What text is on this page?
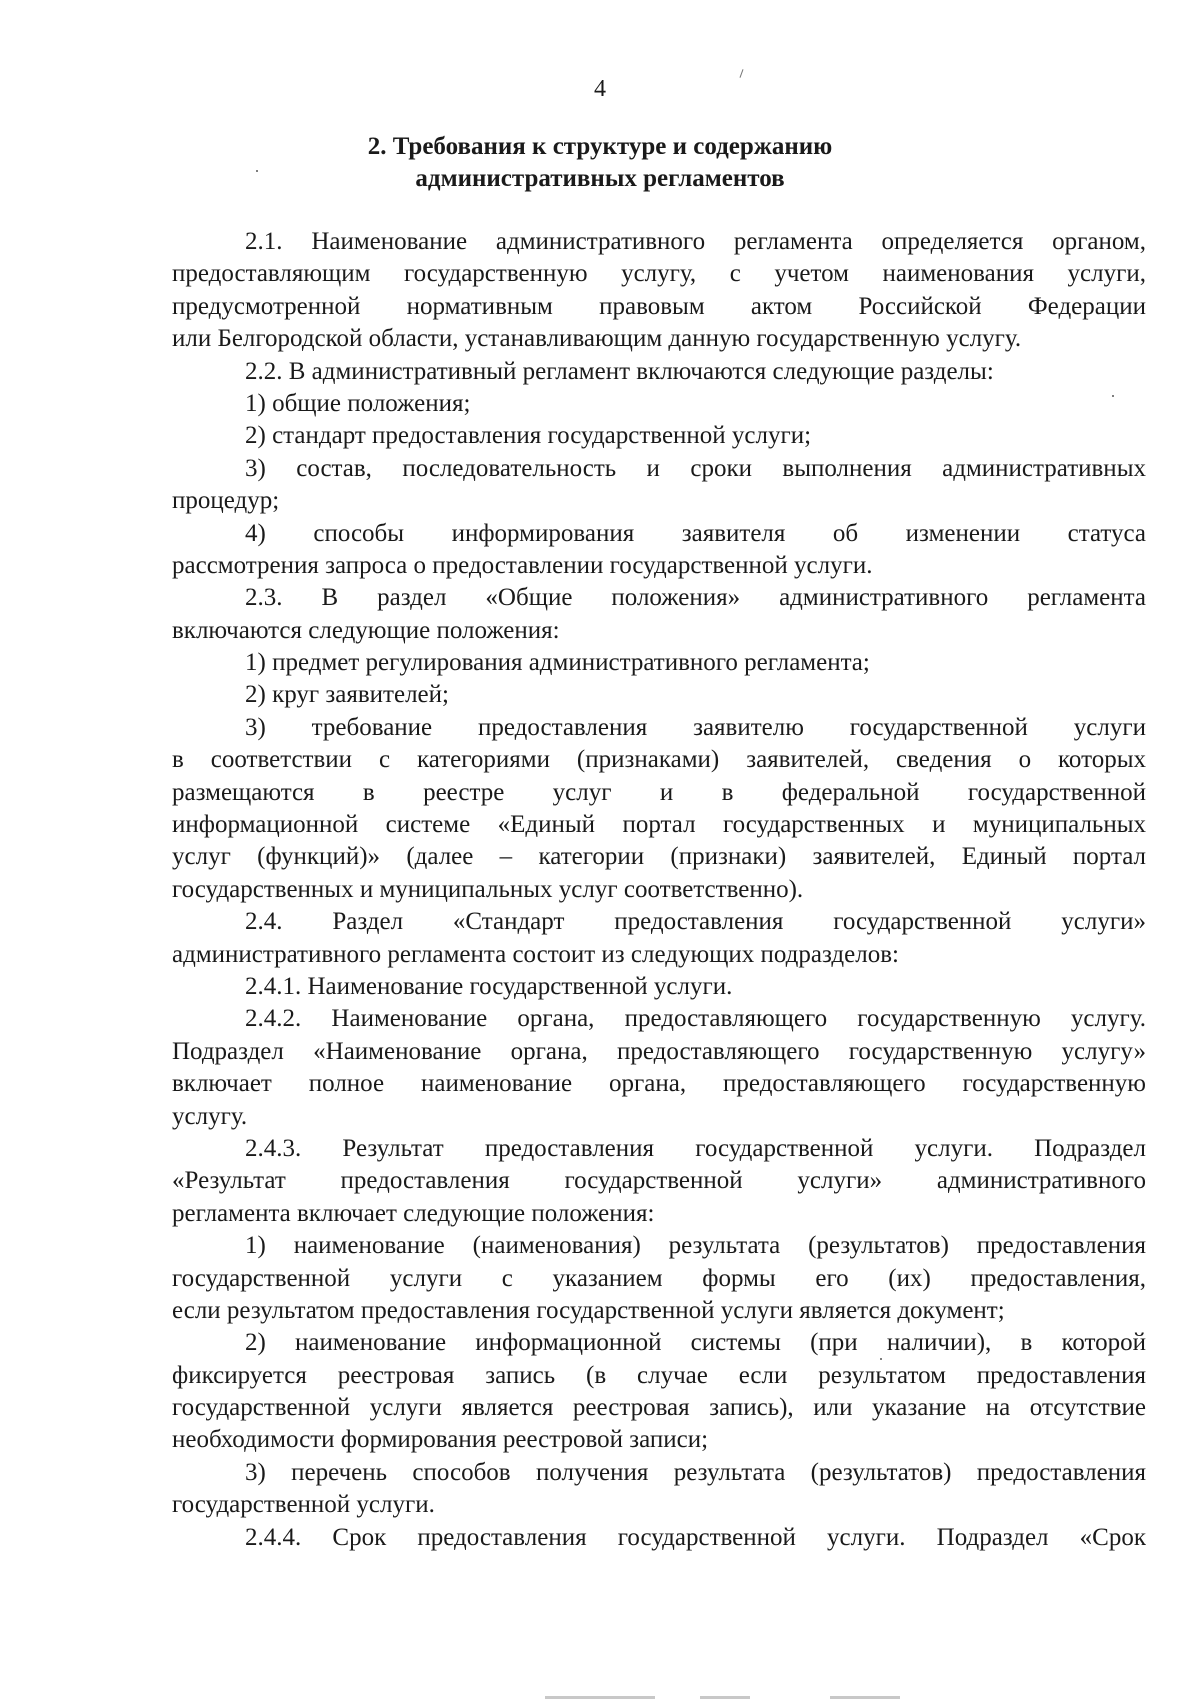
4
2. Требования к структуре и содержанию
административных регламентов
2.1. Наименование административного регламента определяется органом,
предоставляющим государственную услугу, с учетом наименования услуги,
предусмотренной нормативным правовым актом Российской Федерации
или Белгородской области, устанавливающим данную государственную услугу.
2.2. В административный регламент включаются следующие разделы:
1) общие положения;
2) стандарт предоставления государственной услуги;
3) состав, последовательность и сроки выполнения административных
процедур;
4) способы информирования заявителя об изменении статуса
рассмотрения запроса о предоставлении государственной услуги.
2.3. В раздел «Общие положения» административного регламента
включаются следующие положения:
1) предмет регулирования административного регламента;
2) круг заявителей;
3) требование предоставления заявителю государственной услуги
в соответствии с категориями (признаками) заявителей, сведения о которых
размещаются в реестре услуг и в федеральной государственной
информационной системе «Единый портал государственных и муниципальных
услуг (функций)» (далее – категории (признаки) заявителей, Единый портал
государственных и муниципальных услуг соответственно).
2.4. Раздел «Стандарт предоставления государственной услуги»
административного регламента состоит из следующих подразделов:
2.4.1. Наименование государственной услуги.
2.4.2. Наименование органа, предоставляющего государственную услугу.
Подраздел «Наименование органа, предоставляющего государственную услугу»
включает полное наименование органа, предоставляющего государственную
услугу.
2.4.3. Результат предоставления государственной услуги. Подраздел
«Результат предоставления государственной услуги» административного
регламента включает следующие положения:
1) наименование (наименования) результата (результатов) предоставления
государственной услуги с указанием формы его (их) предоставления,
если результатом предоставления государственной услуги является документ;
2) наименование информационной системы (при наличии), в которой
фиксируется реестровая запись (в случае если результатом предоставления
государственной услуги является реестровая запись), или указание на отсутствие
необходимости формирования реестровой записи;
3) перечень способов получения результата (результатов) предоставления
государственной услуги.
2.4.4. Срок предоставления государственной услуги. Подраздел «Срок
